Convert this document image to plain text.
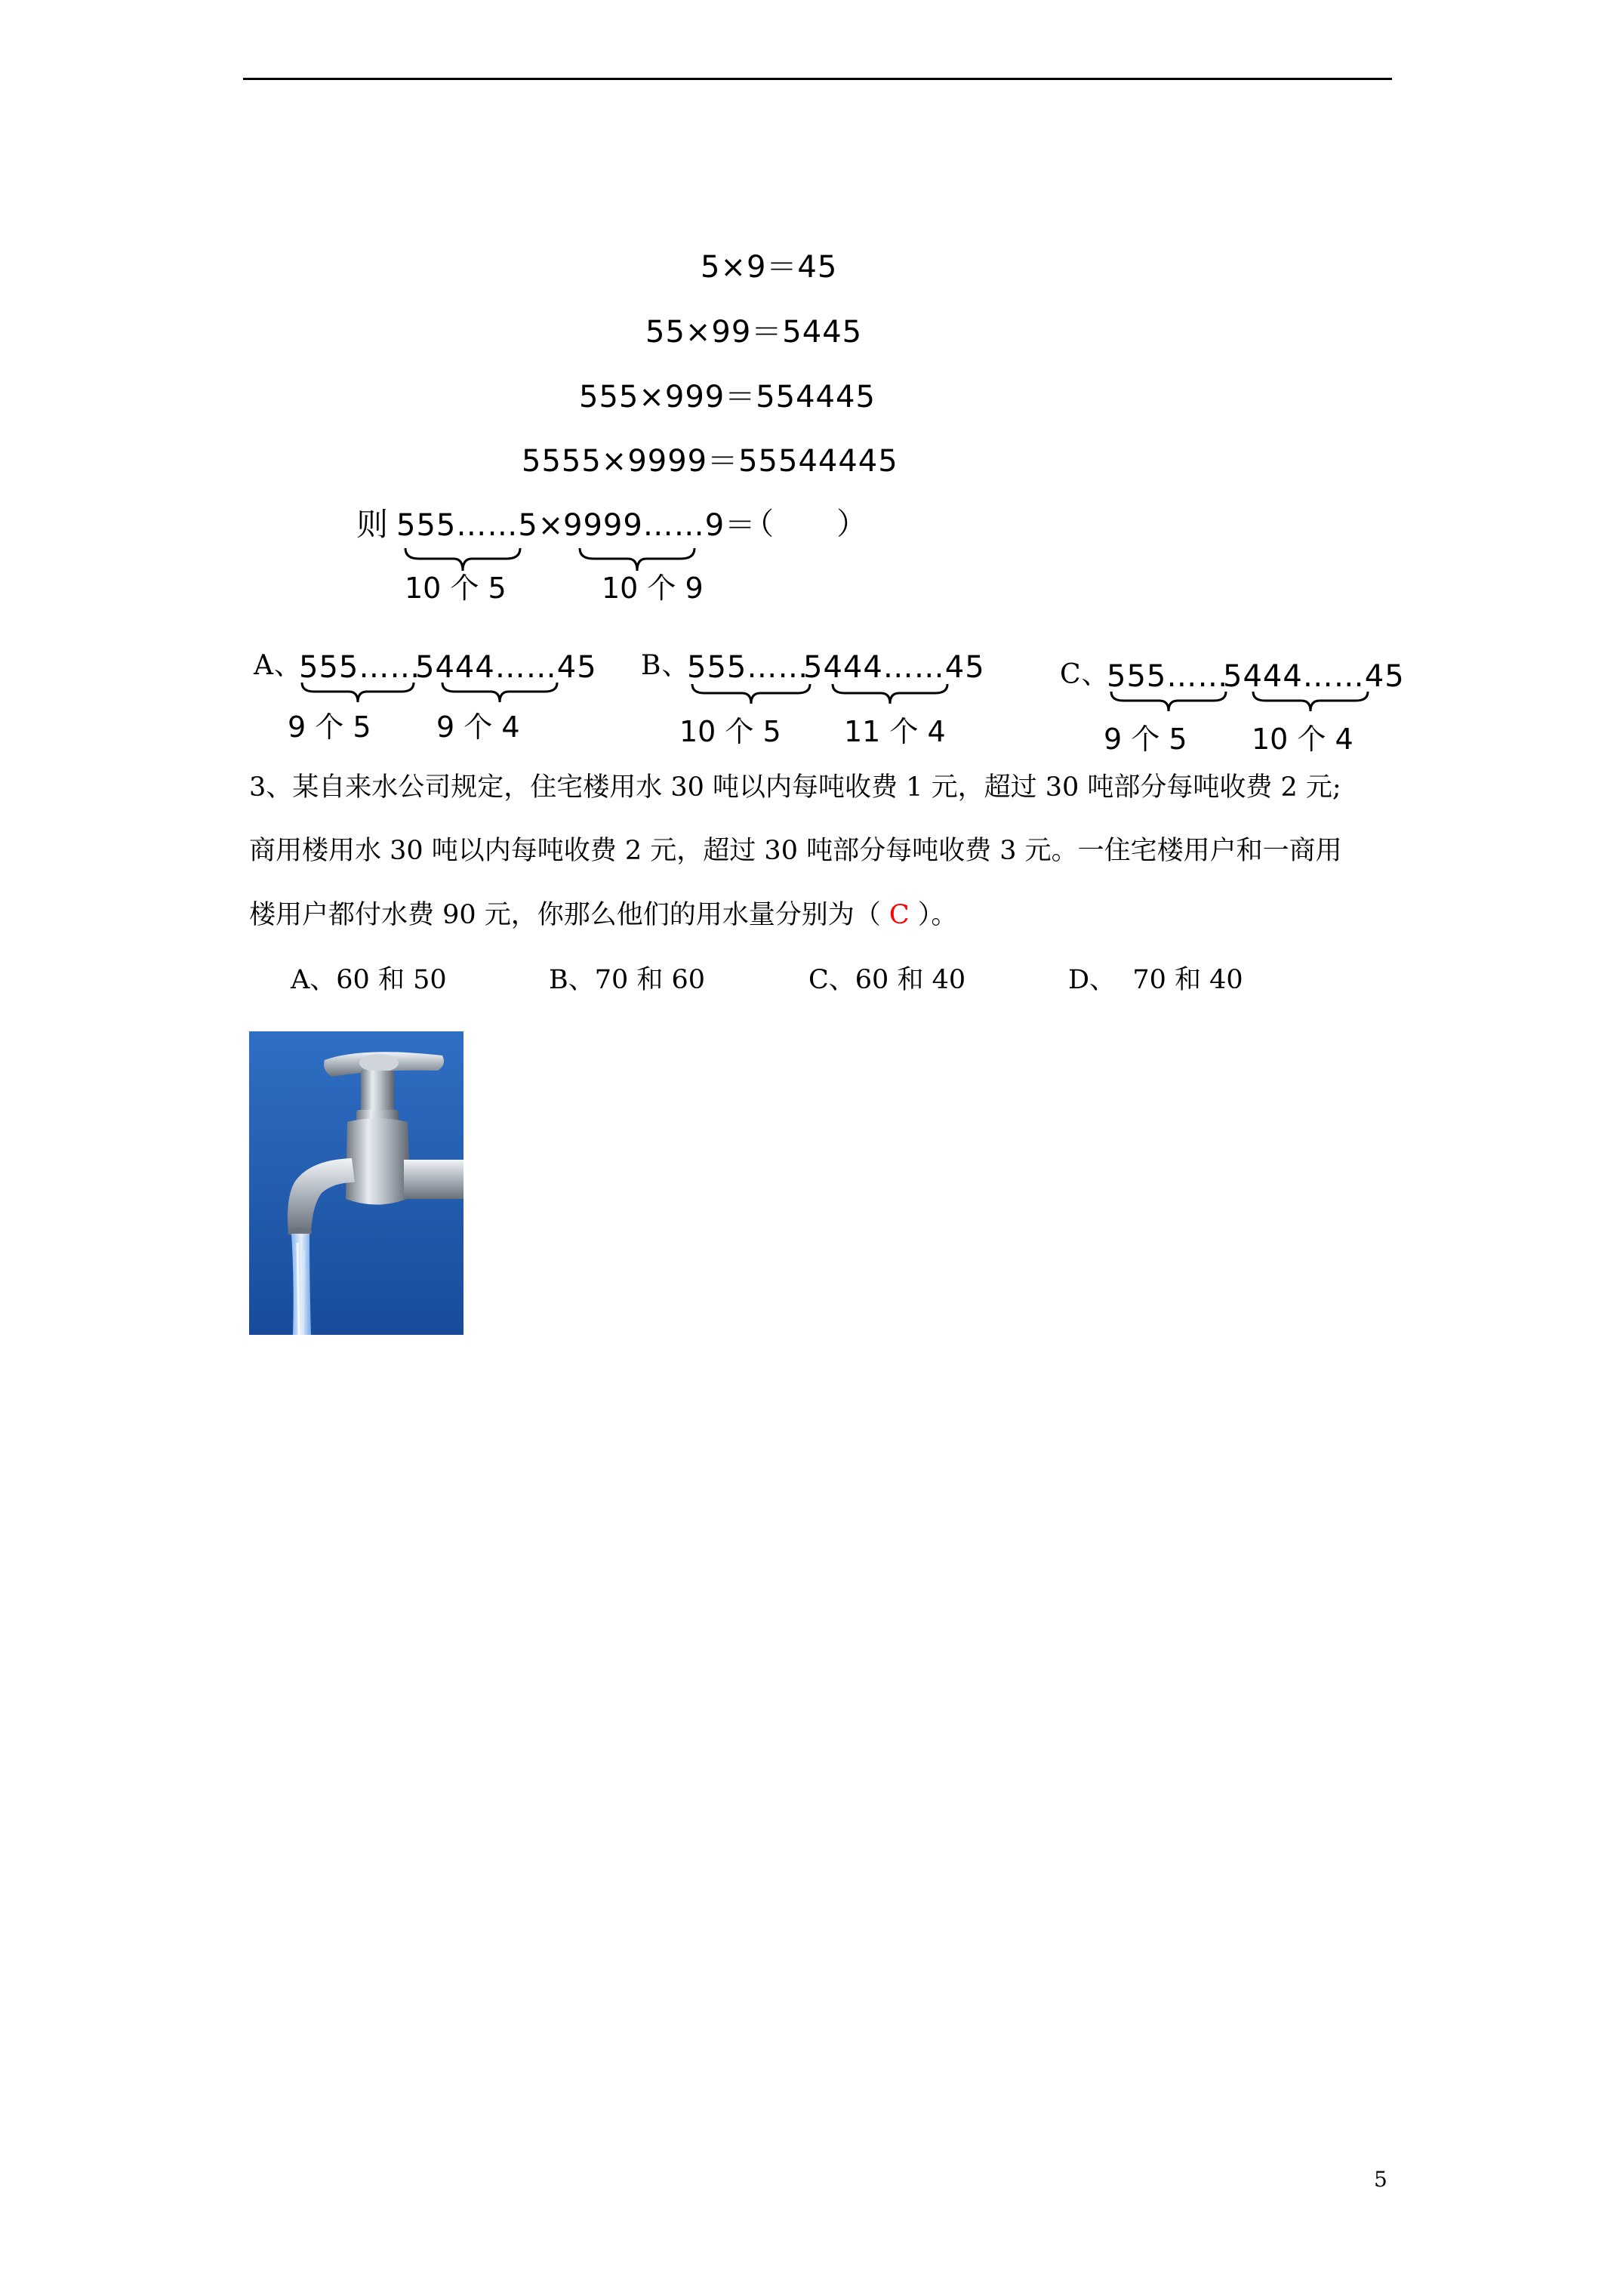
5×9＝45
55×99＝5445
555×999＝554445
5555×9999＝55544445
则 555……5×
9999……9＝
（      ）
10 个 5	10 个 9
A、
555……
5444……45
9 个 5 9 个 4
B、
555……
5444……45
10 个 5 11 个 4
C、
555……
5444……45
9 个 5 10 个 4
3、某自来水公司规定，住宅楼用水 30 吨以内每吨收费 1 元，超过 30 吨部分每吨收费 2 元;
商用楼用水 30 吨以内每吨收费 2 元，超过 30 吨部分每吨收费 3 元。一住宅楼用户和一商用
楼用户都付水费 90 元，你那么他们的用水量分别为（ C ）。
A、60 和 50	B、70 和 60	C、60 和 40	D、  70 和 40
5
